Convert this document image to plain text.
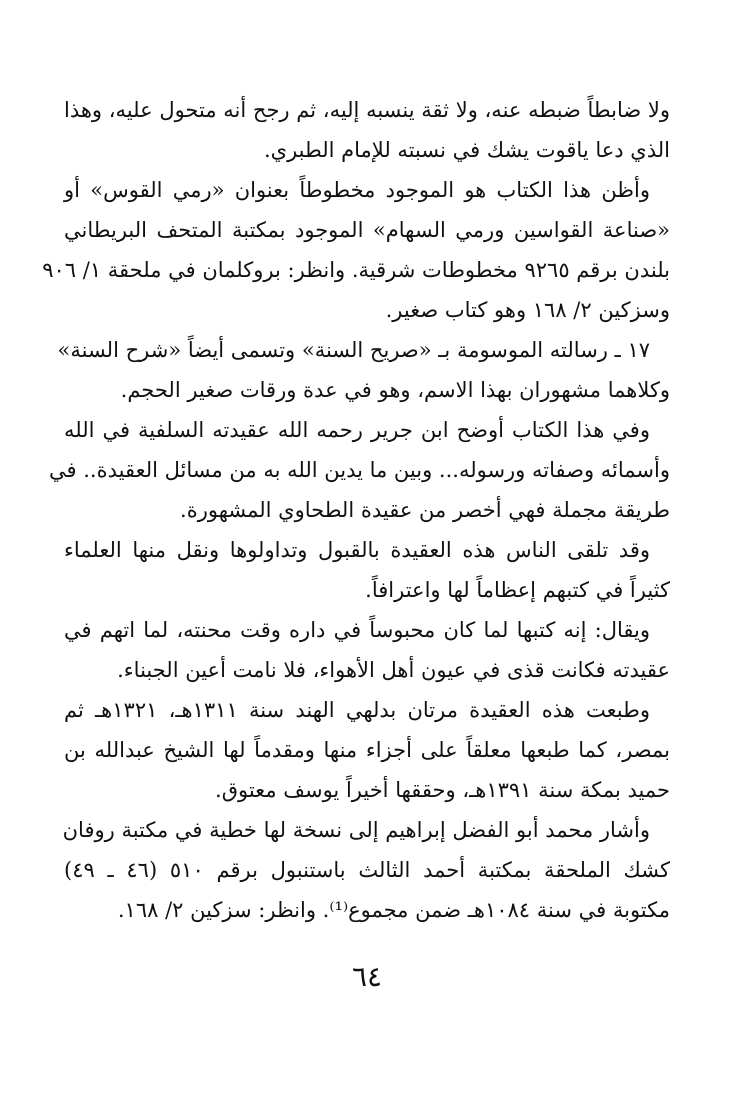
ولا ضابطاً ضبطه عنه، ولا ثقة ينسبه إليه، ثم رجح أنه متحول عليه، وهذا
الذي دعا ياقوت يشك في نسبته للإمام الطبري.
وأظن هذا الكتاب هو الموجود مخطوطاً بعنوان «رمي القوس» أو
«صناعة القواسين ورمي السهام» الموجود بمكتبة المتحف البريطاني
بلندن برقم ٩٢٦٥ مخطوطات شرقية. وانظر: بروكلمان في ملحقة ١/ ٩٠٦
وسزكين ٢/ ١٦٨ وهو كتاب صغير.
١٧ ـ رسالته الموسومة بـ «صريح السنة» وتسمى أيضاً «شرح السنة»
وكلاهما مشهوران بهذا الاسم، وهو في عدة ورقات صغير الحجم.
وفي هذا الكتاب أوضح ابن جرير رحمه الله عقيدته السلفية في الله
وأسمائه وصفاته ورسوله... وبين ما يدين الله به من مسائل العقيدة.. في
طريقة مجملة فهي أخصر من عقيدة الطحاوي المشهورة.
وقد تلقى الناس هذه العقيدة بالقبول وتداولوها ونقل منها العلماء
كثيراً في كتبهم إعظاماً لها واعترافاً.
ويقال: إنه كتبها لما كان محبوساً في داره وقت محنته، لما اتهم في
عقيدته فكانت قذى في عيون أهل الأهواء، فلا نامت أعين الجبناء.
وطبعت هذه العقيدة مرتان بدلهي الهند سنة ١٣١١هـ، ١٣٢١هـ ثم
بمصر، كما طبعها معلقاً على أجزاء منها ومقدماً لها الشيخ عبدالله بن
حميد بمكة سنة ١٣٩١هـ، وحققها أخيراً يوسف معتوق.
وأشار محمد أبو الفضل إبراهيم إلى نسخة لها خطية في مكتبة روفان
كشك الملحقة بمكتبة أحمد الثالث باستنبول برقم ٥١٠ (٤٦ ـ ٤٩)
مكتوبة في سنة ١٠٨٤هـ ضمن مجموع⁽¹⁾. وانظر: سزكين ٢/ ١٦٨.
٦٤
